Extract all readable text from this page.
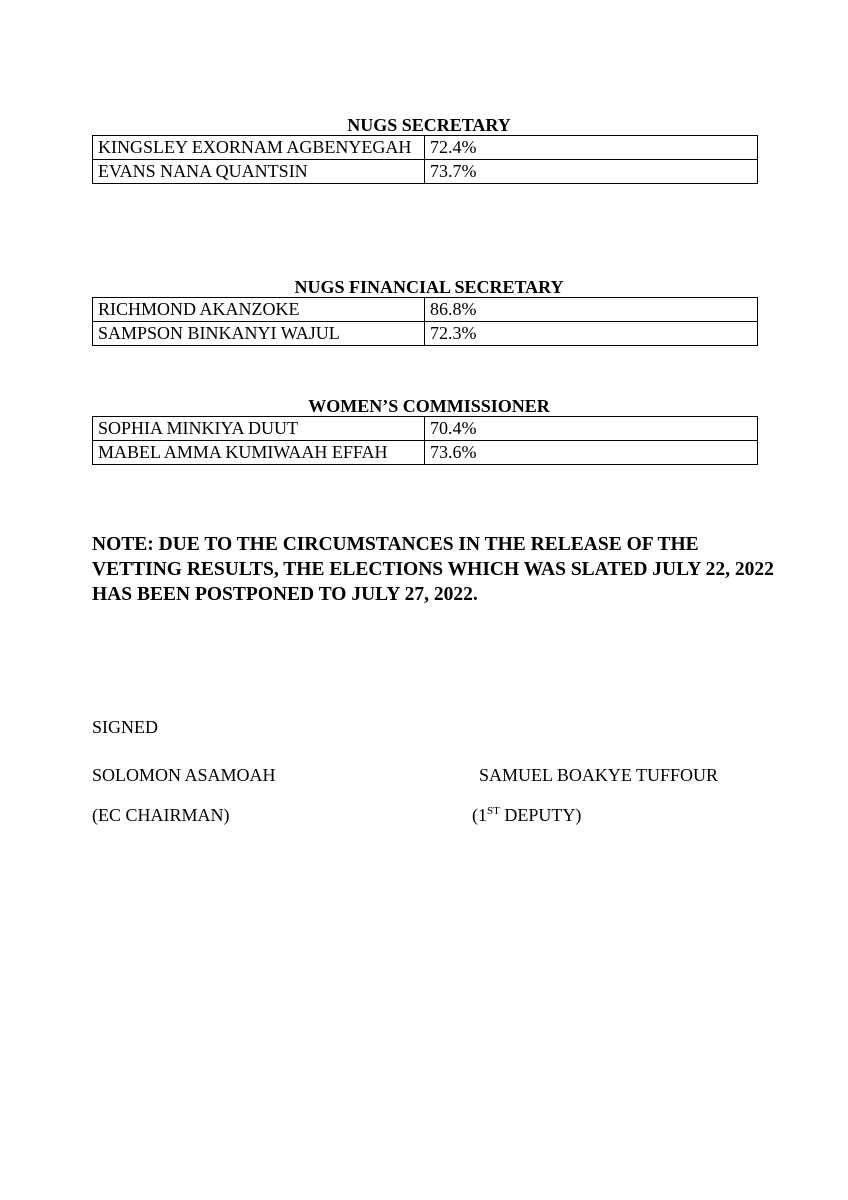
NUGS SECRETARY
KINGSLEY EXORNAM AGBENYEGAH	72.4%
EVANS NANA QUANTSIN	73.7%
NUGS FINANCIAL SECRETARY
RICHMOND AKANZOKE	86.8%
SAMPSON BINKANYI WAJUL	72.3%
WOMEN’S COMMISSIONER
SOPHIA MINKIYA DUUT	70.4%
MABEL AMMA KUMIWAAH EFFAH	73.6%
NOTE: DUE TO THE CIRCUMSTANCES IN THE RELEASE OF THE VETTING RESULTS, THE ELECTIONS WHICH WAS SLATED JULY 22, 2022 HAS BEEN POSTPONED TO JULY 27, 2022.
SIGNED
SOLOMON ASAMOAH
(EC CHAIRMAN)
SAMUEL BOAKYE TUFFOUR
(1ST DEPUTY)
